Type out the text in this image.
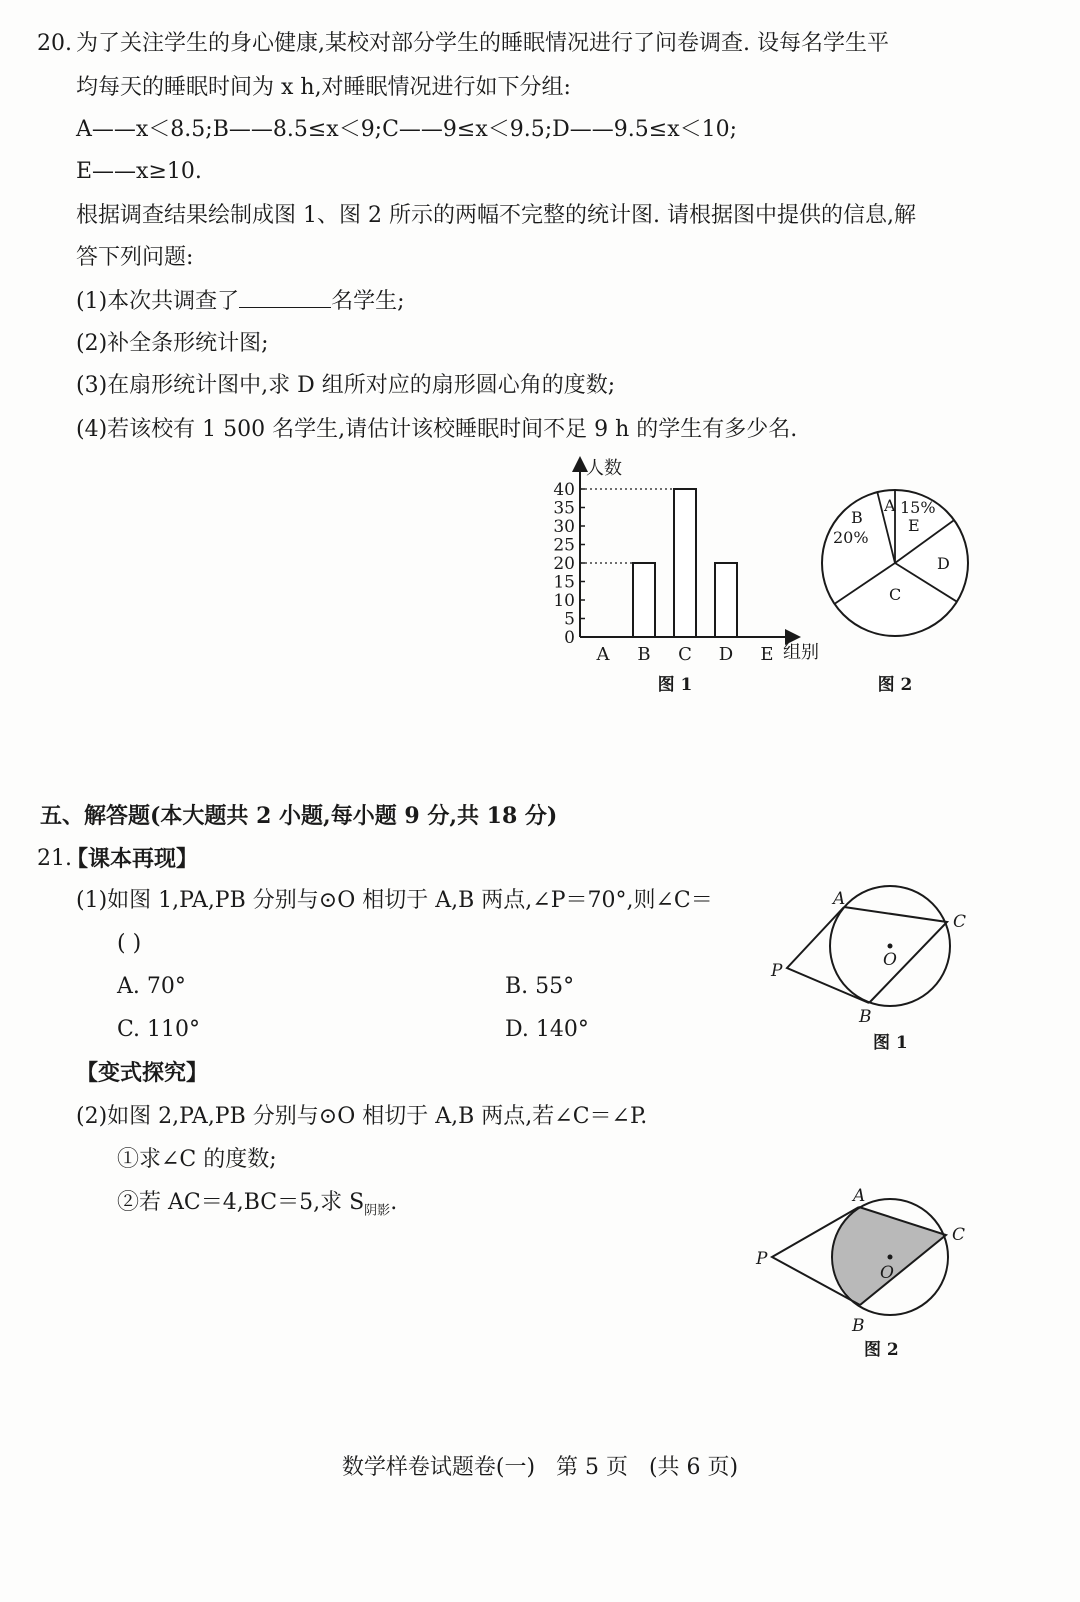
20. 为了关注学生的身心健康,某校对部分学生的睡眠情况进行了问卷调查. 设每名学生平
均每天的睡眠时间为 x h,对睡眠情况进行如下分组:
A——x＜8.5;B——8.5≤x＜9;C——9≤x＜9.5;D——9.5≤x＜10;
E——x≥10.
根据调查结果绘制成图 1、图 2 所示的两幅不完整的统计图. 请根据图中提供的信息,解
答下列问题:
(1)本次共调查了	名学生;
(2)补全条形统计图;
(3)在扇形统计图中,求 D 组所对应的扇形圆心角的度数;
(4)若该校有 1 500 名学生,请估计该校睡眠时间不足 9 h 的学生有多少名.
0
5
10
15
20
25
30
35
40
人数
组别
A B C D E
图 1
A 15%
E
D
C
B
20%
图 2
五、解答题(本大题共 2 小题,每小题 9 分,共 18 分)
21.
【课本再现】
(1)如图 1,PA,PB 分别与⊙O 相切于 A,B 两点,∠P＝70°,则∠C＝
( )
A. 70°	B. 55°
C. 110°	D. 140°
【变式探究】
(2)如图 2,PA,PB 分别与⊙O 相切于 A,B 两点,若∠C＝∠P.
①求∠C 的度数;
②若 AC＝4,BC＝5,求 $S_{阴影}$.
A
C
P
O
B
图 1
A
C
P
O
B
图 2
数学样卷试题卷(一)   第 5 页   (共 6 页)
